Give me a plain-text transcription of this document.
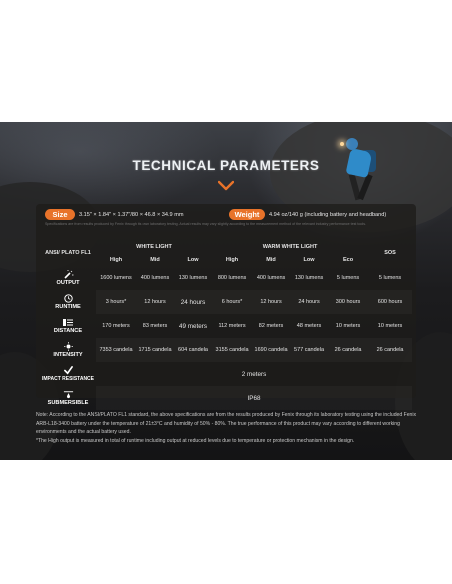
TECHNICAL PARAMETERS
Size	3.15" × 1.84" × 1.37"/80 × 46.8 × 34.9 mm	Weight	4.94 oz/140 g (including battery and headband)
Specifications are from results produced by Fenix through its own laboratory testing. Actual results may vary slightly according to the measurement method of the relevant industry performance test tools.
ANSI/ PLATO FL1	WHITE LIGHT			WARM WHITE LIGHT				SOS
	High	Mid	Low	High	Mid	Low	Eco	

OUTPUT	1600 lumens	400 lumens	130 lumens	800 lumens	400 lumens	130 lumens	5 lumens	5 lumens

RUNTIME	3 hours*	12 hours	24 hours	6 hours*	12 hours	24 hours	300 hours	600 hours

DISTANCE	170 meters	83 meters	49 meters	112 meters	82 meters	48 meters	10 meters	10 meters

INTENSITY	7353 candela	1715 candela	604 candela	3155 candela	1690 candela	577 candela	26 candela	26 candela

IMPACT RESISTANCE	2 meters							

SUBMERSIBLE	IP68							

Note: According to the ANSI/PLATO FL1 standard, the above specifications are from the results produced by Fenix through its laboratory testing using the included Fenix ARB-L18-3400 battery under the temperature of 21±3°C and humidity of 50% - 80%. The true performance of this product may vary according to different working environments and the actual battery used.

*The High output is measured in total of runtime including output at reduced levels due to temperature or protection mechanism in the design.
